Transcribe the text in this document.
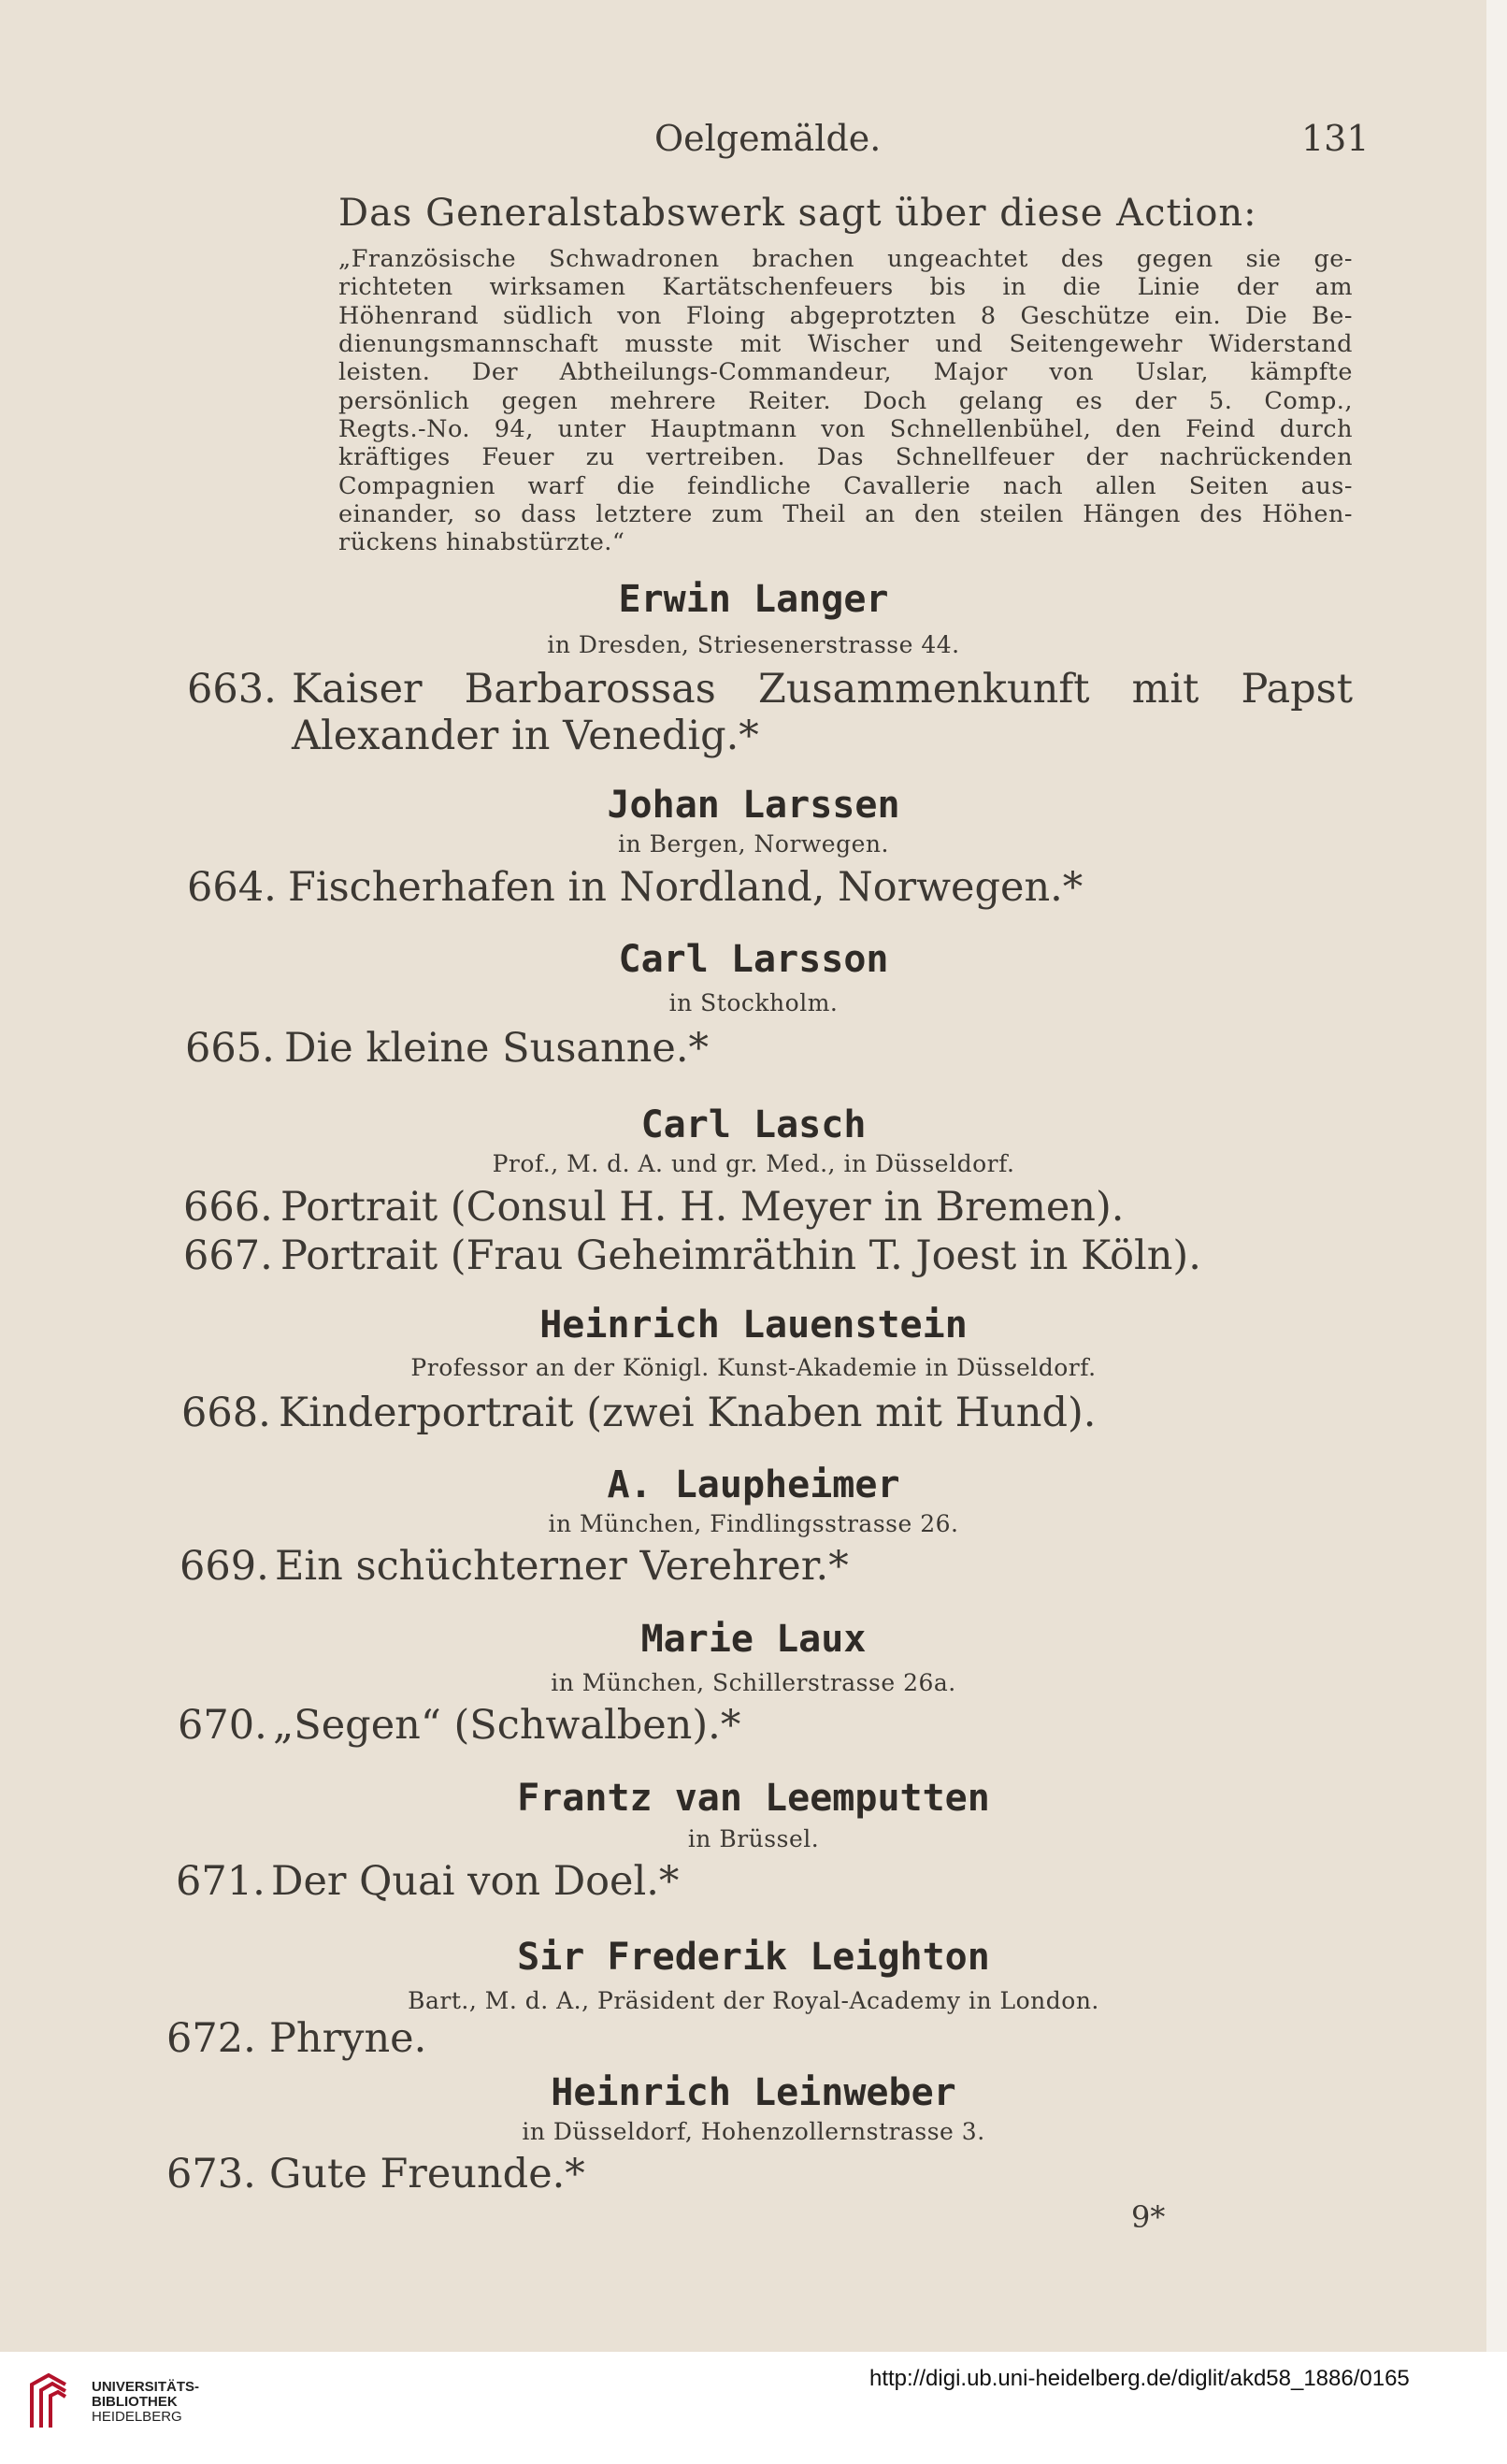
Oelgemälde.	131
Das Generalstabswerk sagt über diese Action:

„Französische Schwadronen brachen ungeachtet des gegen sie ge-

richteten wirksamen Kartätschenfeuers bis in die Linie der am

Höhenrand südlich von Floing abgeprotzten 8 Geschütze ein. Die Be-

dienungsmannschaft musste mit Wischer und Seitengewehr Widerstand

leisten. Der Abtheilungs-Commandeur, Major von Uslar, kämpfte

persönlich gegen mehrere Reiter. Doch gelang es der 5. Comp.,

Regts.-No. 94, unter Hauptmann von Schnellenbühel, den Feind durch

kräftiges Feuer zu vertreiben. Das Schnellfeuer der nachrückenden

Compagnien warf die feindliche Cavallerie nach allen Seiten aus-

einander, so dass letztere zum Theil an den steilen Hängen des Höhen-

rückens hinabstürzte.“

Erwin Langer
in Dresden, Striesenerstrasse 44.
663. Kaiser Barbarossas Zusammenkunft mit Papst
Alexander in Venedig.*
Johan Larssen
in Bergen, Norwegen.
664. Fischerhafen in Nordland, Norwegen.*
Carl Larsson
in Stockholm.
665. Die kleine Susanne.*
Carl Lasch
Prof., M. d. A. und gr. Med., in Düsseldorf.
666. Portrait (Consul H. H. Meyer in Bremen).
667. Portrait (Frau Geheimräthin T. Joest in Köln).
Heinrich Lauenstein
Professor an der Königl. Kunst-Akademie in Düsseldorf.
668. Kinderportrait (zwei Knaben mit Hund).
A. Laupheimer
in München, Findlingsstrasse 26.
669. Ein schüchterner Verehrer.*
Marie Laux
in München, Schillerstrasse 26a.
670. „Segen“ (Schwalben).*
Frantz van Leemputten
in Brüssel.
671. Der Quai von Doel.*
Sir Frederik Leighton
Bart., M. d. A., Präsident der Royal-Academy in London.
672. Phryne.
Heinrich Leinweber
in Düsseldorf, Hohenzollernstrasse 3.
673. Gute Freunde.*
9*
UNIVERSITÄTS-
BIBLIOTHEK
HEIDELBERG
http://digi.ub.uni-heidelberg.de/diglit/akd58_1886/0165
